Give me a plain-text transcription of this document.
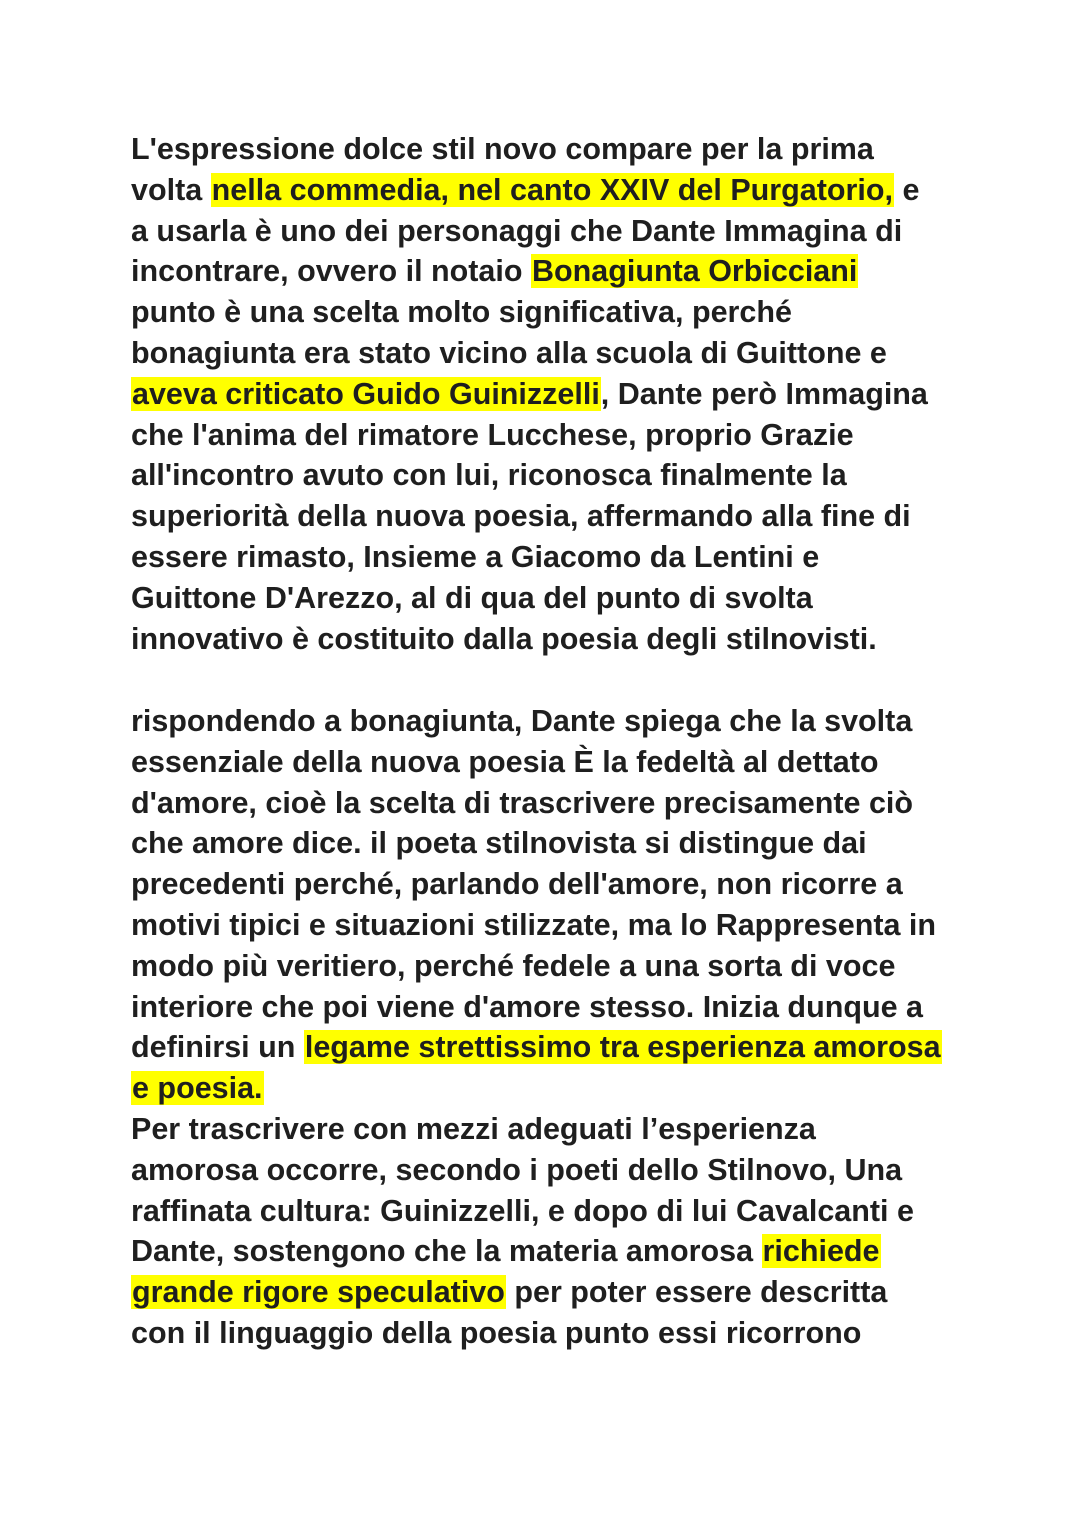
L'espressione dolce stil novo compare per la prima
volta nella commedia, nel canto XXIV del Purgatorio, e
a usarla è uno dei personaggi che Dante Immagina di
incontrare, ovvero il notaio Bonagiunta Orbicciani
punto è una scelta molto significativa, perché
bonagiunta era stato vicino alla scuola di Guittone e
aveva criticato Guido Guinizzelli, Dante però Immagina
che l'anima del rimatore Lucchese, proprio Grazie
all'incontro avuto con lui, riconosca finalmente la
superiorità della nuova poesia, affermando alla fine di
essere rimasto, Insieme a Giacomo da Lentini e
Guittone D'Arezzo, al di qua del punto di svolta
innovativo è costituito dalla poesia degli stilnovisti.
rispondendo a bonagiunta, Dante spiega che la svolta
essenziale della nuova poesia È la fedeltà al dettato
d'amore, cioè la scelta di trascrivere precisamente ciò
che amore dice. il poeta stilnovista si distingue dai
precedenti perché, parlando dell'amore, non ricorre a
motivi tipici e situazioni stilizzate, ma lo Rappresenta in
modo più veritiero, perché fedele a una sorta di voce
interiore che poi viene d'amore stesso. Inizia dunque a
definirsi un legame strettissimo tra esperienza amorosa
e poesia.
Per trascrivere con mezzi adeguati l’esperienza
amorosa occorre, secondo i poeti dello Stilnovo, Una
raffinata cultura: Guinizzelli, e dopo di lui Cavalcanti e
Dante, sostengono che la materia amorosa richiede
grande rigore speculativo per poter essere descritta
con il linguaggio della poesia punto essi ricorrono
